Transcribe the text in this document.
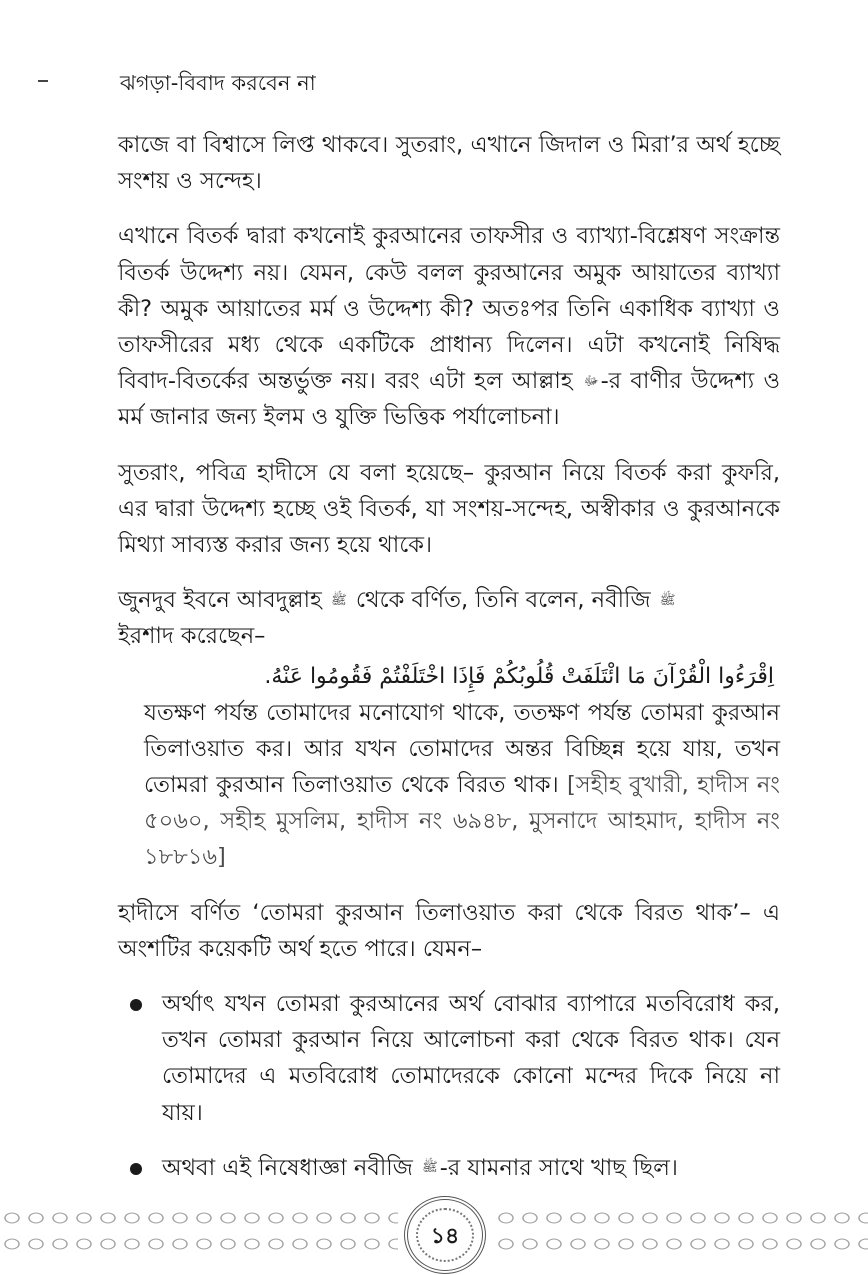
ঝগড়া-বিবাদ করবেন না

কাজে বা বিশ্বাসে লিপ্ত থাকবে। সুতরাং, এখানে জিদাল ও মিরা’র অর্থ হচ্ছে সংশয় ও সন্দেহ।

এখানে বিতর্ক দ্বারা কখনোই কুরআনের তাফসীর ও ব্যাখ্যা-বিশ্লেষণ সংক্রান্ত বিতর্ক উদ্দেশ্য নয়। যেমন, কেউ বলল কুরআনের অমুক আয়াতের ব্যাখ্যা কী? অমুক আয়াতের মর্ম ও উদ্দেশ্য কী? অতঃপর তিনি একাধিক ব্যাখ্যা ও তাফসীরের মধ্য থেকে একটিকে প্রাধান্য দিলেন। এটা কখনোই নিষিদ্ধ বিবাদ-বিতর্কের অন্তর্ভুক্ত নয়। বরং এটা হল আল্লাহ ﷻ-র বাণীর উদ্দেশ্য ও মর্ম জানার জন্য ইলম ও যুক্তি ভিত্তিক পর্যালোচনা।

সুতরাং, পবিত্র হাদীসে যে বলা হয়েছে– কুরআন নিয়ে বিতর্ক করা কুফরি, এর দ্বারা উদ্দেশ্য হচ্ছে ওই বিতর্ক, যা সংশয়-সন্দেহ, অস্বীকার ও কুরআনকে মিথ্যা সাব্যস্ত করার জন্য হয়ে থাকে।

জুনদুব ইবনে আবদুল্লাহ ﷺ থেকে বর্ণিত, তিনি বলেন, নবীজি ﷺ
ইরশাদ করেছেন–

اِقْرَءُوا الْقُرْآنَ مَا ائْتَلَفَتْ قُلُوبُكُمْ فَإِذَا اخْتَلَفْتُمْ فَقُومُوا عَنْهُ.

যতক্ষণ পর্যন্ত তোমাদের মনোযোগ থাকে, ততক্ষণ পর্যন্ত তোমরা কুরআন তিলাওয়াত কর। আর যখন তোমাদের অন্তর বিচ্ছিন্ন হয়ে যায়, তখন তোমরা কুরআন তিলাওয়াত থেকে বিরত থাক। [সহীহ বুখারী, হাদীস নং ৫০৬০, সহীহ মুসলিম, হাদীস নং ৬৯৪৮, মুসনাদে আহমাদ, হাদীস নং ১৮৮১৬]

হাদীসে বর্ণিত ‘তোমরা কুরআন তিলাওয়াত করা থেকে বিরত থাক’– এ অংশটির কয়েকটি অর্থ হতে পারে। যেমন–

অর্থাৎ যখন তোমরা কুরআনের অর্থ বোঝার ব্যাপারে মতবিরোধ কর, তখন তোমরা কুরআন নিয়ে আলোচনা করা থেকে বিরত থাক। যেন তোমাদের এ মতবিরোধ তোমাদেরকে কোনো মন্দের দিকে নিয়ে না যায়।
অথবা এই নিষেধাজ্ঞা নবীজি ﷺ-র যামনার সাথে খাছ ছিল।
১৪
